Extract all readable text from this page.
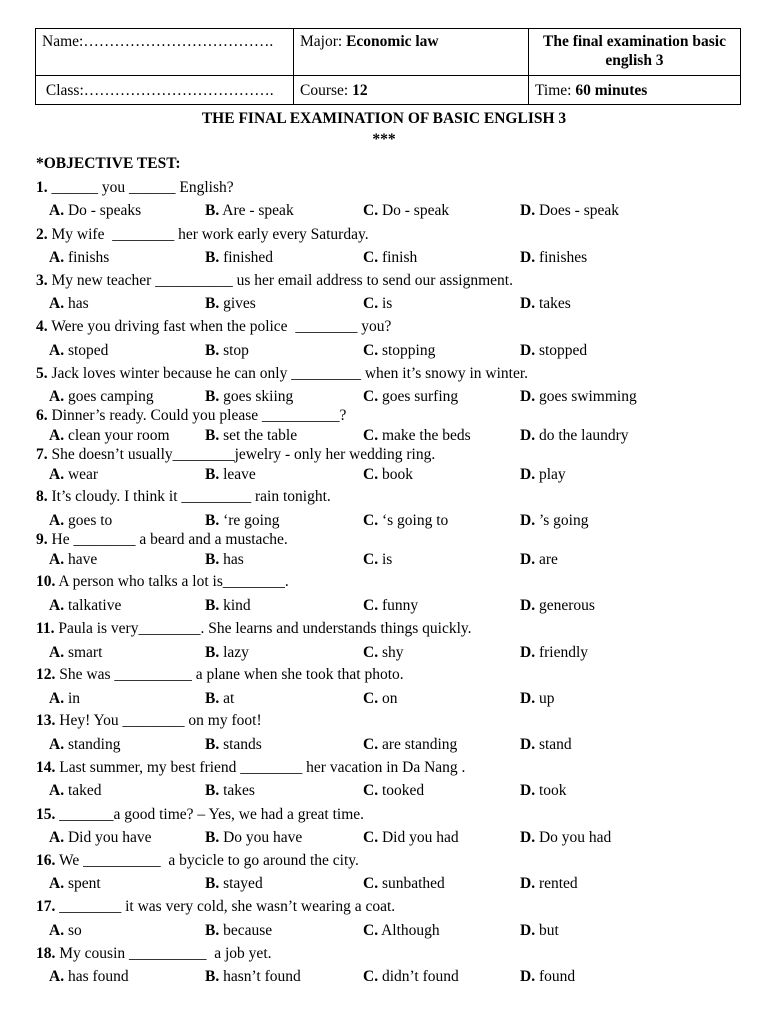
Name:……………………………….	Major: Economic law	The final examination basic english 3
Class:……………………………….	Course: 12	Time: 60 minutes
THE FINAL EXAMINATION OF BASIC ENGLISH 3
***
*OBJECTIVE TEST:
1. ______ you ______ English?
A. Do - speaks	B. Are - speak	C. Do - speak	D. Does - speak
2. My wife  ________ her work early every Saturday.
A. finishs	B. finished	C. finish	D. finishes
3. My new teacher __________ us her email address to send our assignment.
A. has	B. gives	C. is	D. takes
4. Were you driving fast when the police  ________ you?
A. stoped	B. stop	C. stopping	D. stopped
5. Jack loves winter because he can only _________ when it’s snowy in winter.
A. goes camping	B. goes skiing	C. goes surfing	D. goes swimming
6. Dinner’s ready. Could you please __________?
A. clean your room B. set the table	C. make the beds	D. do the laundry
7. She doesn’t usually________jewelry - only her wedding ring.
A. wear	B. leave	C. book	D. play
8. It’s cloudy. I think it _________ rain tonight.
A. goes to	B. ‘re going	C. ‘s going to	D. ’s going
9. He ________ a beard and a mustache.
A. have	B. has	C. is	D. are
10. A person who talks a lot is________.
A. talkative	B. kind	C. funny	D. generous
11. Paula is very________. She learns and understands things quickly.
A. smart	B. lazy	C. shy	D. friendly
12. She was __________ a plane when she took that photo.
A. in	B. at	C. on	D. up
13. Hey! You ________ on my foot!
A. standing	B. stands	C. are standing	D. stand
14. Last summer, my best friend ________ her vacation in Da Nang .
A. taked	B. takes	C. tooked	D. took
15. _______a good time? – Yes, we had a great time.
A. Did you have	B. Do you have	C. Did you had	D. Do you had
16. We __________  a bycicle to go around the city.
A. spent	B. stayed	C. sunbathed	D. rented
17. ________ it was very cold, she wasn’t wearing a coat.
A. so	B. because	C. Although	D. but
18. My cousin __________  a job yet.
A. has found	B. hasn’t found	C. didn’t found	D. found
